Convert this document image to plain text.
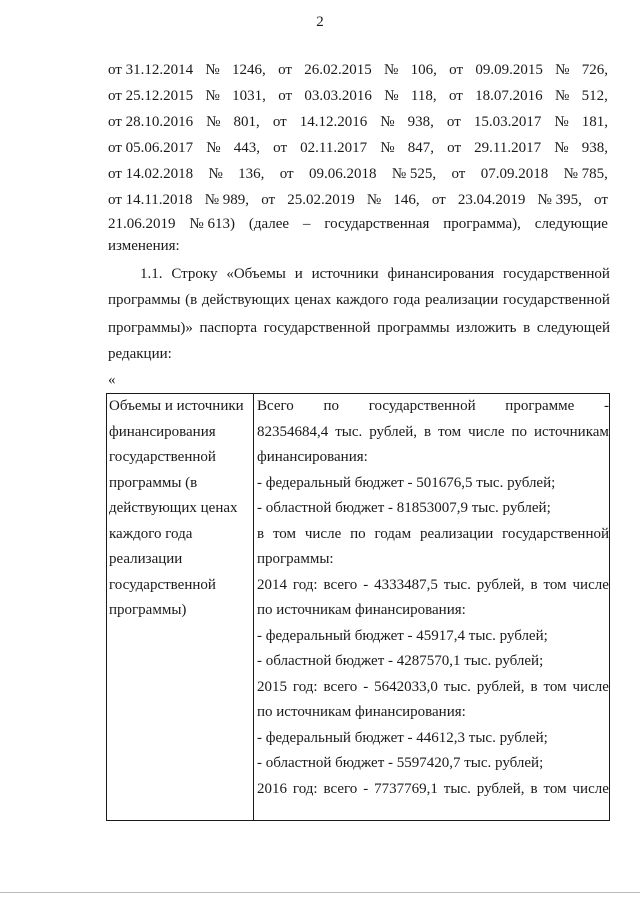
2
от 31.12.2014 № 1246, от 26.02.2015 № 106, от 09.09.2015 № 726,
от 25.12.2015 № 1031, от 03.03.2016 № 118, от 18.07.2016 № 512,
от 28.10.2016 № 801, от 14.12.2016 № 938, от 15.03.2017 № 181,
от 05.06.2017 № 443, от 02.11.2017 № 847, от 29.11.2017 № 938,
от 14.02.2018 № 136, от 09.06.2018 № 525, от 07.09.2018 № 785,
от 14.11.2018 № 989, от 25.02.2019 № 146, от 23.04.2019 № 395, от
21.06.2019 № 613) (далее – государственная программа), следующие
изменения:
1.1. Строку «Объемы и источники финансирования государственной
программы (в действующих ценах каждого года реализации государственной
программы)» паспорта государственной программы изложить в следующей
редакции:
«
Объемы и источники
финансирования
государственной
программы (в
действующих ценах
каждого года
реализации
государственной
программы)
Всего по государственной программе -
82354684,4 тыс. рублей, в том числе по источникам
финансирования:
- федеральный бюджет - 501676,5 тыс. рублей;
- областной бюджет - 81853007,9 тыс. рублей;
в том числе по годам реализации государственной
программы:
2014 год: всего - 4333487,5 тыс. рублей, в том числе
по источникам финансирования:
- федеральный бюджет - 45917,4 тыс. рублей;
- областной бюджет - 4287570,1 тыс. рублей;
2015 год: всего - 5642033,0 тыс. рублей, в том числе
по источникам финансирования:
- федеральный бюджет - 44612,3 тыс. рублей;
- областной бюджет - 5597420,7 тыс. рублей;
2016 год: всего - 7737769,1 тыс. рублей, в том числе
